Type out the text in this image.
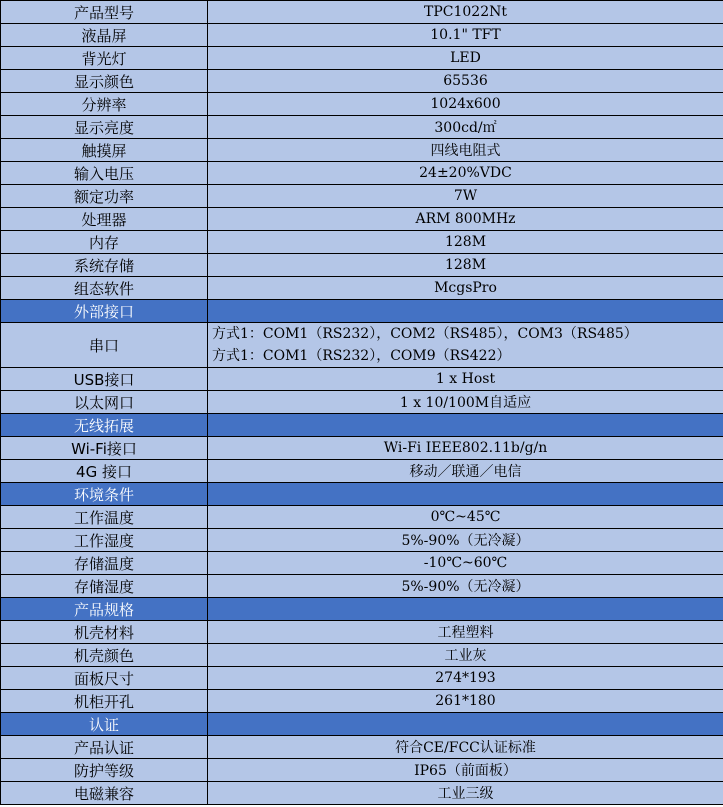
产品型号	TPC1022Nt
液晶屏	10.1" TFT
背光灯	LED
显示颜色	65536
分辨率	1024x600
显示亮度	300cd/㎡
触摸屏	四线电阻式
输入电压	24±20%VDC
额定功率	7W
处理器	ARM 800MHz
内存	128M
系统存储	128M
组态软件	McgsPro
外部接口	
串口	方式1：COM1（RS232），COM2（RS485），COM3（RS485）
方式1：COM1（RS232），COM9（RS422）

USB接口	1 x Host
以太网口	1 x 10/100M自适应
无线拓展	
Wi-Fi接口	Wi-Fi IEEE802.11b/g/n
4G 接口	移动／联通／电信
环境条件	
工作温度	0℃~45℃
工作湿度	5%-90%（无冷凝）
存储温度	-10℃~60℃
存储湿度	5%-90%（无冷凝）
产品规格	
机壳材料	工程塑料
机壳颜色	工业灰
面板尺寸	274*193
机柜开孔	261*180
认证	
产品认证	符合CE/FCC认证标准
防护等级	IP65（前面板）
电磁兼容	工业三级
